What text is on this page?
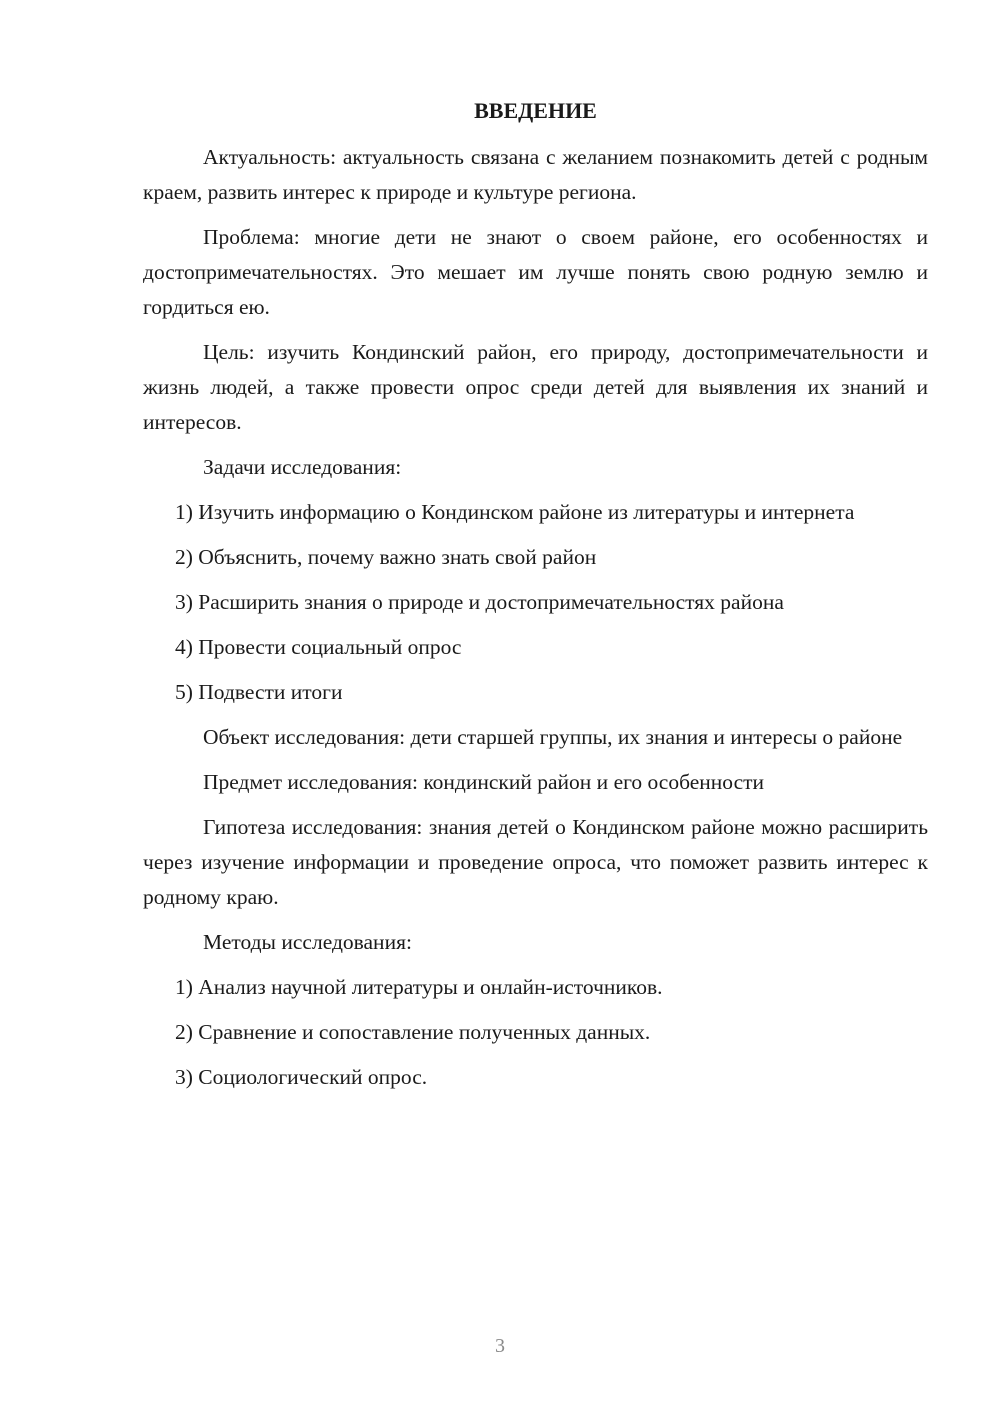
ВВЕДЕНИЕ

Актуальность: актуальность связана с желанием познакомить детей с родным краем, развить интерес к природе и культуре региона.

Проблема: многие дети не знают о своем районе, его особенностях и достопримечательностях. Это мешает им лучше понять свою родную землю и гордиться ею.

Цель: изучить Кондинский район, его природу, достопримечательности и жизнь людей, а также провести опрос среди детей для выявления их знаний и интересов.

Задачи исследования:

1) Изучить информацию о Кондинском районе из литературы и интернета

2) Объяснить, почему важно знать свой район

3) Расширить знания о природе и достопримечательностях района

4) Провести социальный опрос

5) Подвести итоги

Объект исследования: дети старшей группы, их знания и интересы о районе

Предмет исследования: кондинский район и его особенности

Гипотеза исследования: знания детей о Кондинском районе можно расширить через изучение информации и проведение опроса, что поможет развить интерес к родному краю.

Методы исследования:

1) Анализ научной литературы и онлайн-источников.

2) Сравнение и сопоставление полученных данных.

3) Социологический опрос.

3
